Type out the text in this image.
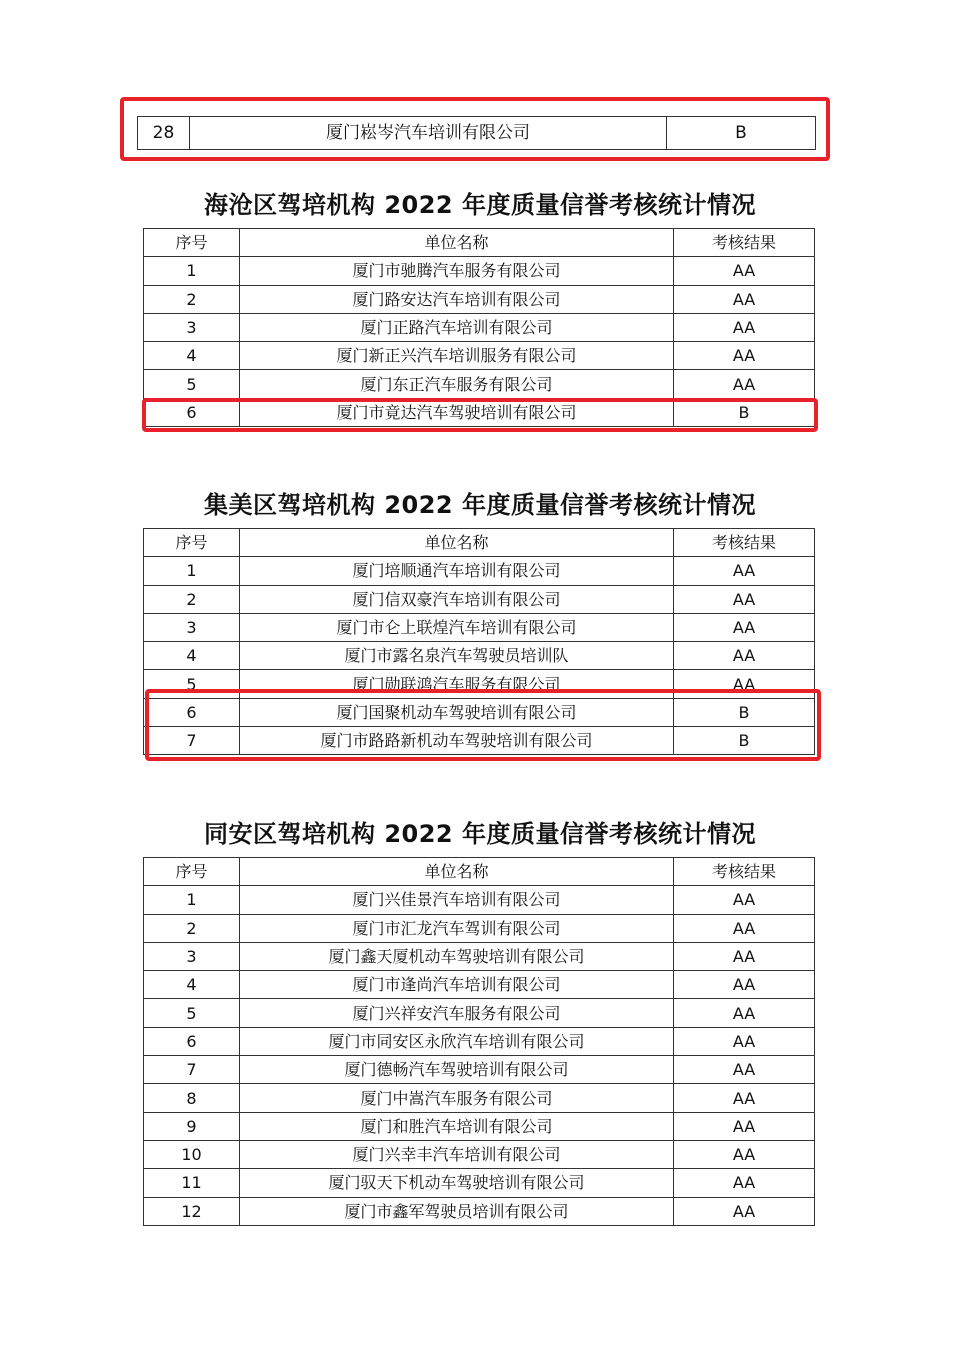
28	厦门崧岑汽车培训有限公司	B
海沧区驾培机构 2022 年度质量信誉考核统计情况
序号	单位名称	考核结果
1	厦门市驰腾汽车服务有限公司	AA
2	厦门路安达汽车培训有限公司	AA
3	厦门正路汽车培训有限公司	AA
4	厦门新正兴汽车培训服务有限公司	AA
5	厦门东正汽车服务有限公司	AA
6	厦门市竟达汽车驾驶培训有限公司	B
集美区驾培机构 2022 年度质量信誉考核统计情况
序号	单位名称	考核结果
1	厦门培顺通汽车培训有限公司	AA
2	厦门信双豪汽车培训有限公司	AA
3	厦门市仑上联煌汽车培训有限公司	AA
4	厦门市露名泉汽车驾驶员培训队	AA
5	厦门勋联鸿汽车服务有限公司	AA
6	厦门国聚机动车驾驶培训有限公司	B
7	厦门市路路新机动车驾驶培训有限公司	B
同安区驾培机构 2022 年度质量信誉考核统计情况
序号	单位名称	考核结果
1	厦门兴佳景汽车培训有限公司	AA
2	厦门市汇龙汽车驾训有限公司	AA
3	厦门鑫天厦机动车驾驶培训有限公司	AA
4	厦门市逢尚汽车培训有限公司	AA
5	厦门兴祥安汽车服务有限公司	AA
6	厦门市同安区永欣汽车培训有限公司	AA
7	厦门德畅汽车驾驶培训有限公司	AA
8	厦门中嵩汽车服务有限公司	AA
9	厦门和胜汽车培训有限公司	AA
10	厦门兴幸丰汽车培训有限公司	AA
11	厦门驭天下机动车驾驶培训有限公司	AA
12	厦门市鑫军驾驶员培训有限公司	AA
